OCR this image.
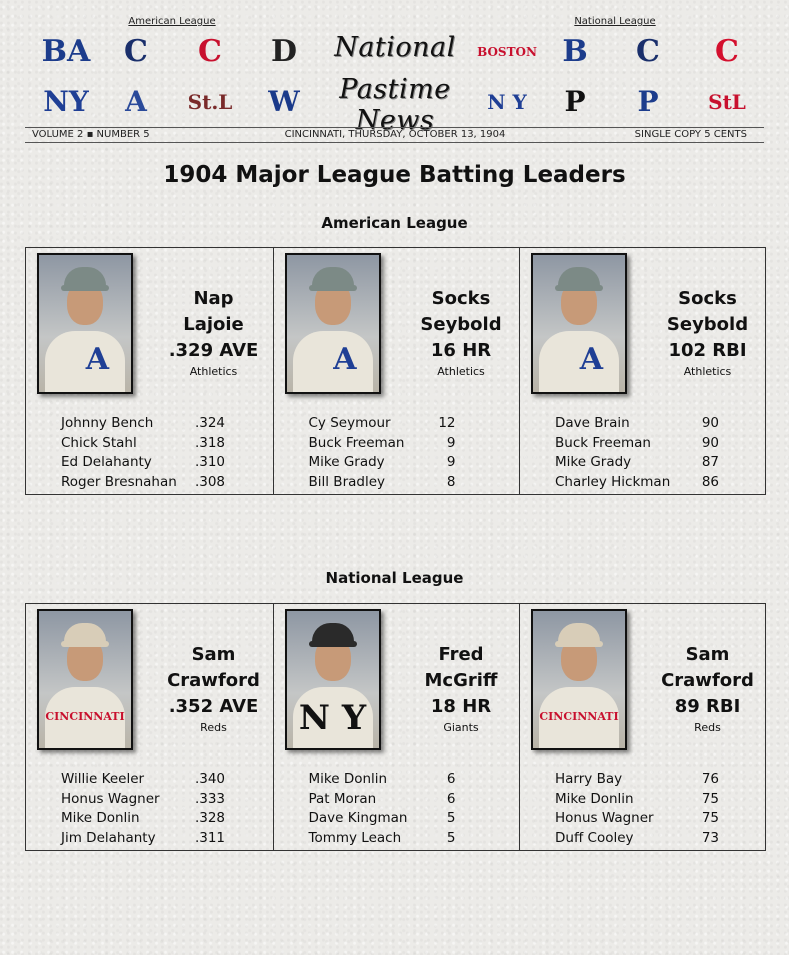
American League	National League
BA	C	C	D
NY	A	St.L	W
BOSTON B	C	C
N Y	P	P	StL
National
Pastime News
VOLUME 2 ▪ NUMBER 5	CINCINNATI, THURSDAY, OCTOBER 13, 1904	SINGLE COPY 5 CENTS
1904 Major League Batting Leaders
American League
A
Nap
Lajoie
.329 AVE
Athletics
Johnny Bench	.324
Chick Stahl	.318
Ed Delahanty	.310
Roger Bresnahan .308
A
Socks
Seybold
16 HR
Athletics
Cy Seymour	12
Buck Freeman	9
Mike Grady	9
Bill Bradley	8
A
Socks
Seybold
102 RBI
Athletics
Dave Brain	90
Buck Freeman	90
Mike Grady	87
Charley Hickman 86
National League
CINCINNATI
Sam
Crawford
.352 AVE
Reds
Willie Keeler	.340
Honus Wagner	.333
Mike Donlin	.328
Jim Delahanty	.311
N Y
Fred
McGriff
18 HR
Giants
Mike Donlin	6
Pat Moran	6
Dave Kingman	5
Tommy Leach	5
CINCINNATI
Sam
Crawford
89 RBI
Reds
Harry Bay	76
Mike Donlin	75
Honus Wagner	75
Duff Cooley	73
